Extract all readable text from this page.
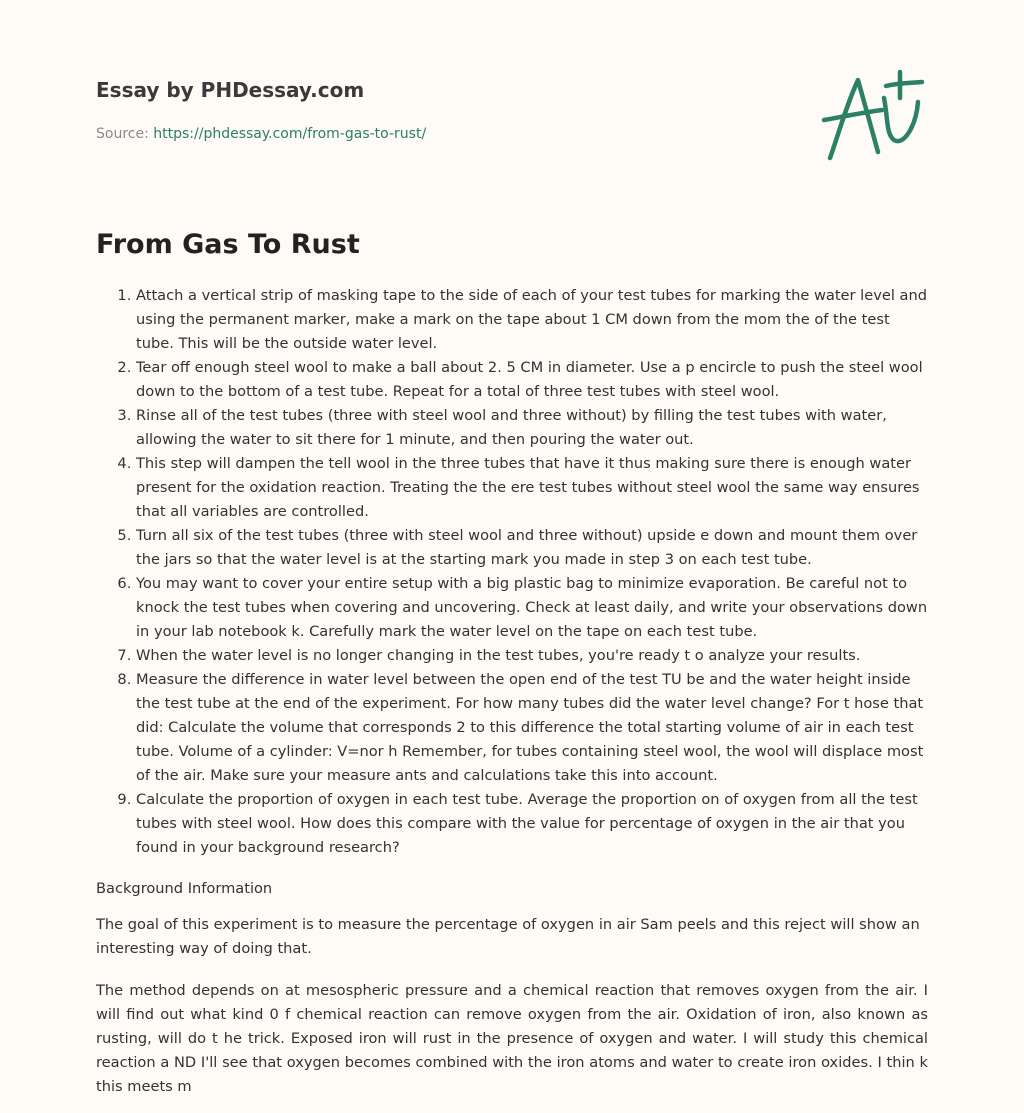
Essay by PHDessay.com

Source: https://phdessay.com/from-gas-to-rust/
From Gas To Rust
1. Attach a vertical strip of masking tape to the side of each of your test tubes for marking the water level and using the permanent marker, make a mark on the tape about 1 CM down from the mom the of the test tube. This will be the outside water level.
2. Tear off enough steel wool to make a ball about 2. 5 CM in diameter. Use a p encircle to push the steel wool down to the bottom of a test tube. Repeat for a total of three test tubes with steel wool.
3. Rinse all of the test tubes (three with steel wool and three without) by filling the test tubes with water, allowing the water to sit there for 1 minute, and then pouring the water out.
4. This step will dampen the tell wool in the three tubes that have it thus making sure there is enough water present for the oxidation reaction. Treating the the ere test tubes without steel wool the same way ensures that all variables are controlled.
5. Turn all six of the test tubes (three with steel wool and three without) upside e down and mount them over the jars so that the water level is at the starting mark you made in step 3 on each test tube.
6. You may want to cover your entire setup with a big plastic bag to minimize evaporation. Be careful not to knock the test tubes when covering and uncovering. Check at least daily, and write your observations down in your lab notebook k. Carefully mark the water level on the tape on each test tube.
7. When the water level is no longer changing in the test tubes, you're ready t o analyze your results.
8. Measure the difference in water level between the open end of the test TU be and the water height inside the test tube at the end of the experiment. For how many tubes did the water level change? For t hose that did: Calculate the volume that corresponds 2 to this difference the total starting volume of air in each test tube. Volume of a cylinder: V=nor h Remember, for tubes containing steel wool, the wool will displace most of the air. Make sure your measure ants and calculations take this into account.
9. Calculate the proportion of oxygen in each test tube. Average the proportion on of oxygen from all the test tubes with steel wool. How does this compare with the value for percentage of oxygen in the air that you found in your background research?

Background Information

The goal of this experiment is to measure the percentage of oxygen in air Sam peels and this reject will show an interesting way of doing that.

The method depends on at mesospheric pressure and a chemical reaction that removes oxygen from the air. I will find out what kind 0 f chemical reaction can remove oxygen from the air. Oxidation of iron, also known as rusting, will do t he trick. Exposed iron will rust in the presence of oxygen and water. I will study this chemical reaction a ND I'll see that oxygen becomes combined with the iron atoms and water to create iron oxides. I thin k this meets m
